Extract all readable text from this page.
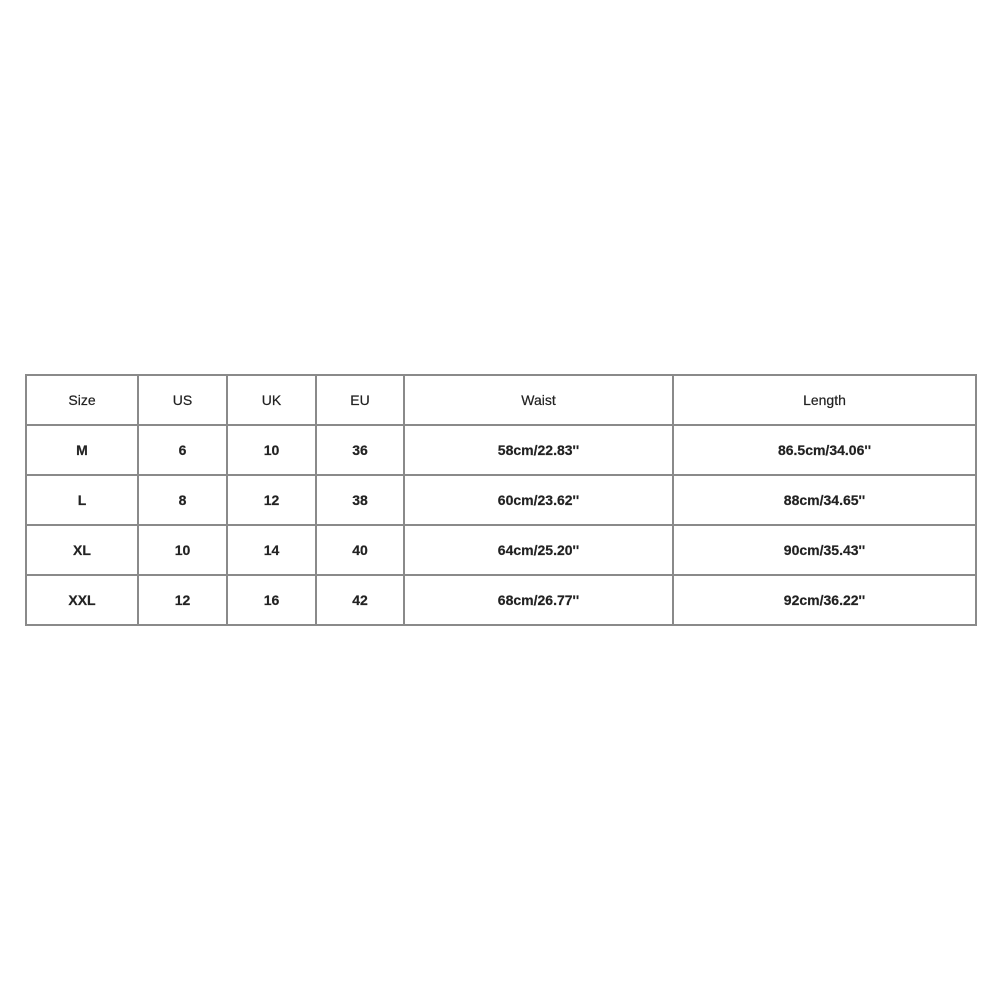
Size	US	UK	EU	Waist	Length
M	6	10	36	58cm/22.83''	86.5cm/34.06''
L	8	12	38	60cm/23.62''	88cm/34.65''
XL	10	14	40	64cm/25.20''	90cm/35.43''
XXL	12	16	42	68cm/26.77''	92cm/36.22''
